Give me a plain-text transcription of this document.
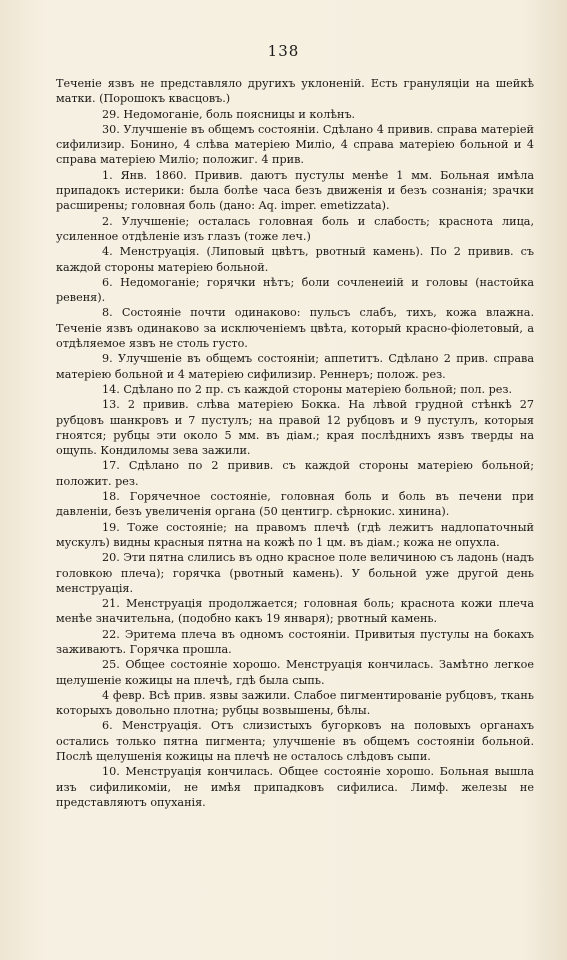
138

Теченіе язвъ не представляло другихъ уклоненій. Есть грануляціи на шейкѣ матки. (Порошокъ квасцовъ.)

29. Недомоганіе, боль поясницы и колѣнъ.

30. Улучшеніе въ общемъ состояніи. Сдѣлано 4 привив. справа матеріей сифилизир. Бонино, 4 слѣва матеріею Миліо, 4 справа матеріею больной и 4 справа матеріею Миліо; положиг. 4 прив.

1. Янв. 1860. Привив. даютъ пустулы менѣе 1 мм. Больная имѣла припадокъ истерики: была болѣе часа безъ движенія и безъ сознанія; зрачки расширены; головная боль (дано: Aq. imper. emetizzata).

2. Улучшеніе; осталась головная боль и слабость; краснота лица, усиленное отдѣленіе изъ глазъ (тоже леч.)

4. Менструація. (Липовый цвѣтъ, рвотный камень). По 2 привив. съ каждой стороны матеріею больной.

6. Недомоганіе; горячки нѣтъ; боли сочленеиій и головы (настойка ревеня).

8. Состояніе почти одинаково: пульсъ слабъ, тихъ, кожа влажна. Теченіе язвъ одинаково за исключеніемъ цвѣта, который красно-фіолетовый, а отдѣляемое язвъ не столь густо.

9. Улучшеніе въ общемъ состояніи; аппетитъ. Сдѣлано 2 прив. справа матеріею больной и 4 матеріею сифилизир. Реннеръ; полож. рез.

14. Сдѣлано по 2 пр. съ каждой стороны матеріею больной; пол. рез.

13. 2 привив. слѣва матеріею Бокка. На лѣвой грудной стѣнкѣ 27 рубцовъ шанкровъ и 7 пустулъ; на правой 12 рубцовъ и 9 пустулъ, которыя гноятся; рубцы эти около 5 мм. въ діам.; края послѣднихъ язвъ тверды на ощупь. Кондиломы зева зажили.

17. Сдѣлано по 2 привив. съ каждой стороны матеріею больной; положит. рез.

18. Горячечное состояніе, головная боль и боль въ печени при давленіи, безъ увеличенія органа (50 центигр. сѣрнокис. хинина).

19. Тоже состояніе; на правомъ плечѣ (гдѣ лежитъ надлопаточный мускулъ) видны красныя пятна на кожѣ по 1 цм. въ діам.; кожа не опухла.

20. Эти пятна слились въ одно красное поле величиною съ ладонь (надъ головкою плеча); горячка (рвотный камень). У больной уже другой день менструація.

21. Менструація продолжается; головная боль; краснота кожи плеча менѣе значительна, (подобно какъ 19 января); рвотный камень.

22. Эритема плеча въ одномъ состояніи. Привитыя пустулы на бокахъ заживаютъ. Горячка прошла.

25. Общее состояніе хорошо. Менструація кончилась. Замѣтно легкое щелушеніе кожицы на плечѣ, гдѣ была сыпь.

4 февр. Всѣ прив. язвы зажили. Слабое пигментированіе рубцовъ, ткань которыхъ довольно плотна; рубцы возвышены, бѣлы.

6. Менструація. Отъ слизистыхъ бугорковъ на половыхъ органахъ остались только пятна пигмента; улучшеніе въ общемъ состояніи больной. Послѣ щелушенія кожицы на плечѣ не осталось слѣдовъ сыпи.

10. Менструація кончилась. Общее состояніе хорошо. Больная вышла изъ сифиликоміи, не имѣя припадковъ сифилиса. Лимф. железы не представляютъ опуханія.
